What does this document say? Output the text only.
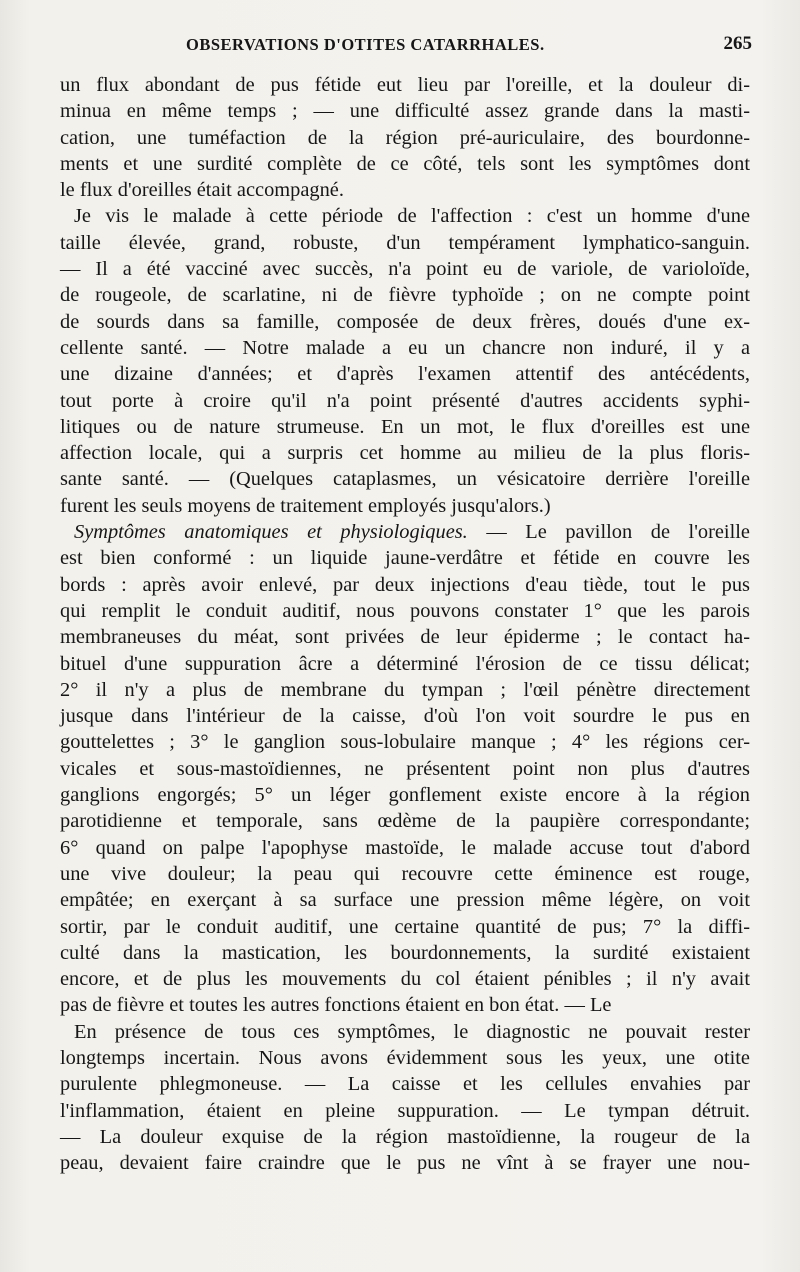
OBSERVATIONS D'OTITES CATARRHALES.	265
un flux abondant de pus fétide eut lieu par l'oreille, et la douleur di-
minua en même temps ; — une difficulté assez grande dans la masti-
cation, une tuméfaction de la région pré-auriculaire, des bourdonne-
ments et une surdité complète de ce côté, tels sont les symptômes dont
le flux d'oreilles était accompagné.
Je vis le malade à cette période de l'affection : c'est un homme d'une
taille élevée, grand, robuste, d'un tempérament lymphatico-sanguin.
— Il a été vacciné avec succès, n'a point eu de variole, de varioloïde,
de rougeole, de scarlatine, ni de fièvre typhoïde ; on ne compte point
de sourds dans sa famille, composée de deux frères, doués d'une ex-
cellente santé. — Notre malade a eu un chancre non induré, il y a
une dizaine d'années; et d'après l'examen attentif des antécédents,
tout porte à croire qu'il n'a point présenté d'autres accidents syphi-
litiques ou de nature strumeuse. En un mot, le flux d'oreilles est une
affection locale, qui a surpris cet homme au milieu de la plus floris-
sante santé. — (Quelques cataplasmes, un vésicatoire derrière l'oreille
furent les seuls moyens de traitement employés jusqu'alors.)
Symptômes anatomiques et physiologiques. — Le pavillon de l'oreille
est bien conformé : un liquide jaune-verdâtre et fétide en couvre les
bords : après avoir enlevé, par deux injections d'eau tiède, tout le pus
qui remplit le conduit auditif, nous pouvons constater 1° que les parois
membraneuses du méat, sont privées de leur épiderme ; le contact ha-
bituel d'une suppuration âcre a déterminé l'érosion de ce tissu délicat;
2° il n'y a plus de membrane du tympan ; l'œil pénètre directement
jusque dans l'intérieur de la caisse, d'où l'on voit sourdre le pus en
gouttelettes ; 3° le ganglion sous-lobulaire manque ; 4° les régions cer-
vicales et sous-mastoïdiennes, ne présentent point non plus d'autres
ganglions engorgés; 5° un léger gonflement existe encore à la région
parotidienne et temporale, sans œdème de la paupière correspondante;
6° quand on palpe l'apophyse mastoïde, le malade accuse tout d'abord
une vive douleur; la peau qui recouvre cette éminence est rouge,
empâtée; en exerçant à sa surface une pression même légère, on voit
sortir, par le conduit auditif, une certaine quantité de pus; 7° la diffi-
culté dans la mastication, les bourdonnements, la surdité existaient
encore, et de plus les mouvements du col étaient pénibles ; il n'y avait
pas de fièvre et toutes les autres fonctions étaient en bon état. — Le
En présence de tous ces symptômes, le diagnostic ne pouvait rester
longtemps incertain. Nous avons évidemment sous les yeux, une otite
purulente phlegmoneuse. — La caisse et les cellules envahies par
l'inflammation, étaient en pleine suppuration. — Le tympan détruit.
— La douleur exquise de la région mastoïdienne, la rougeur de la
peau, devaient faire craindre que le pus ne vînt à se frayer une nou-
